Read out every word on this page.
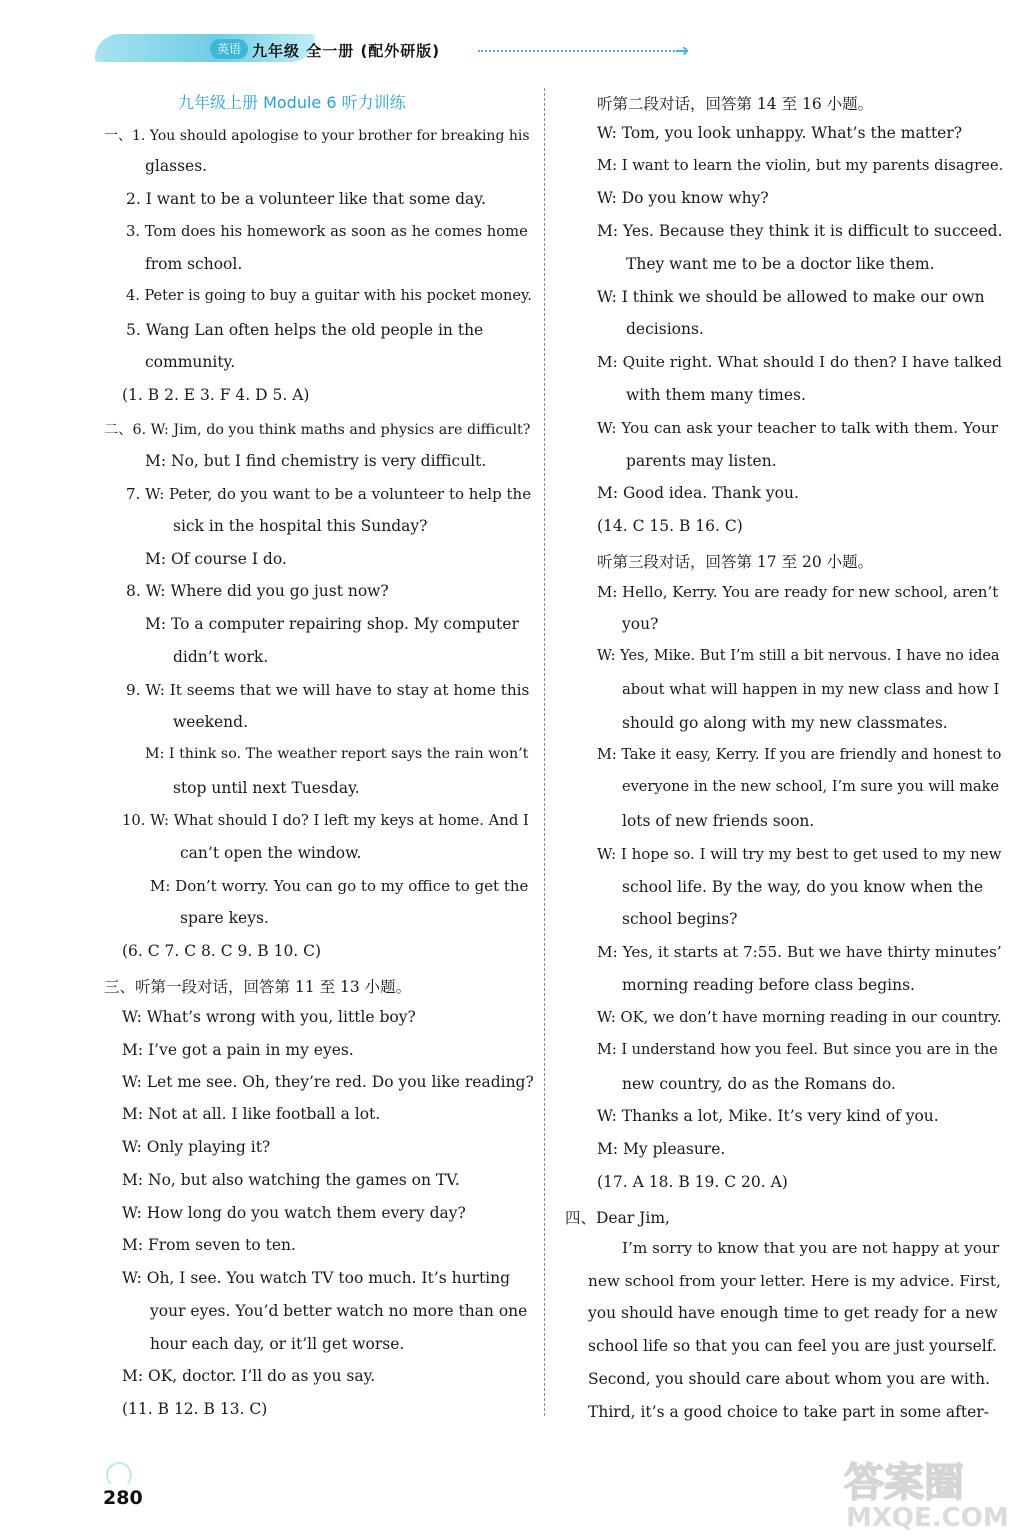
英语 九年级 全一册 (配外研版)	➜
九年级上册 Module 6 听力训练
一、1. You should apologise to your brother for breaking his
glasses.
2. I want to be a volunteer like that some day.
3. Tom does his homework as soon as he comes home
from school.
4. Peter is going to buy a guitar with his pocket money.
5. Wang Lan often helps the old people in the
community.
(1. B 2. E 3. F 4. D 5. A)
二、6. W: Jim, do you think maths and physics are difficult?
M: No, but I find chemistry is very difficult.
7. W: Peter, do you want to be a volunteer to help the
sick in the hospital this Sunday?
M: Of course I do.
8. W: Where did you go just now?
M: To a computer repairing shop. My computer
didn’t work.
9. W: It seems that we will have to stay at home this
weekend.
M: I think so. The weather report says the rain won’t
stop until next Tuesday.
10. W: What should I do? I left my keys at home. And I
can’t open the window.
M: Don’t worry. You can go to my office to get the
spare keys.
(6. C 7. C 8. C 9. B 10. C)
三、听第一段对话，回答第 11 至 13 小题。
W: What’s wrong with you, little boy?
M: I’ve got a pain in my eyes.
W: Let me see. Oh, they’re red. Do you like reading?
M: Not at all. I like football a lot.
W: Only playing it?
M: No, but also watching the games on TV.
W: How long do you watch them every day?
M: From seven to ten.
W: Oh, I see. You watch TV too much. It’s hurting
your eyes. You’d better watch no more than one
hour each day, or it’ll get worse.
M: OK, doctor. I’ll do as you say.
(11. B 12. B 13. C)
听第二段对话，回答第 14 至 16 小题。
W: Tom, you look unhappy. What’s the matter?
M: I want to learn the violin, but my parents disagree.
W: Do you know why?
M: Yes. Because they think it is difficult to succeed.
They want me to be a doctor like them.
W: I think we should be allowed to make our own
decisions.
M: Quite right. What should I do then? I have talked
with them many times.
W: You can ask your teacher to talk with them. Your
parents may listen.
M: Good idea. Thank you.
(14. C 15. B 16. C)
听第三段对话，回答第 17 至 20 小题。
M: Hello, Kerry. You are ready for new school, aren’t
you?
W: Yes, Mike. But I’m still a bit nervous. I have no idea
about what will happen in my new class and how I
should go along with my new classmates.
M: Take it easy, Kerry. If you are friendly and honest to
everyone in the new school, I’m sure you will make
lots of new friends soon.
W: I hope so. I will try my best to get used to my new
school life. By the way, do you know when the
school begins?
M: Yes, it starts at 7:55. But we have thirty minutes’
morning reading before class begins.
W: OK, we don’t have morning reading in our country.
M: I understand how you feel. But since you are in the
new country, do as the Romans do.
W: Thanks a lot, Mike. It’s very kind of you.
M: My pleasure.
(17. A 18. B 19. C 20. A)
四、Dear Jim,
I’m sorry to know that you are not happy at your
new school from your letter. Here is my advice. First,
you should have enough time to get ready for a new
school life so that you can feel you are just yourself.
Second, you should care about whom you are with.
Third, it’s a good choice to take part in some after-
280	答案圈
MXQE.COM
